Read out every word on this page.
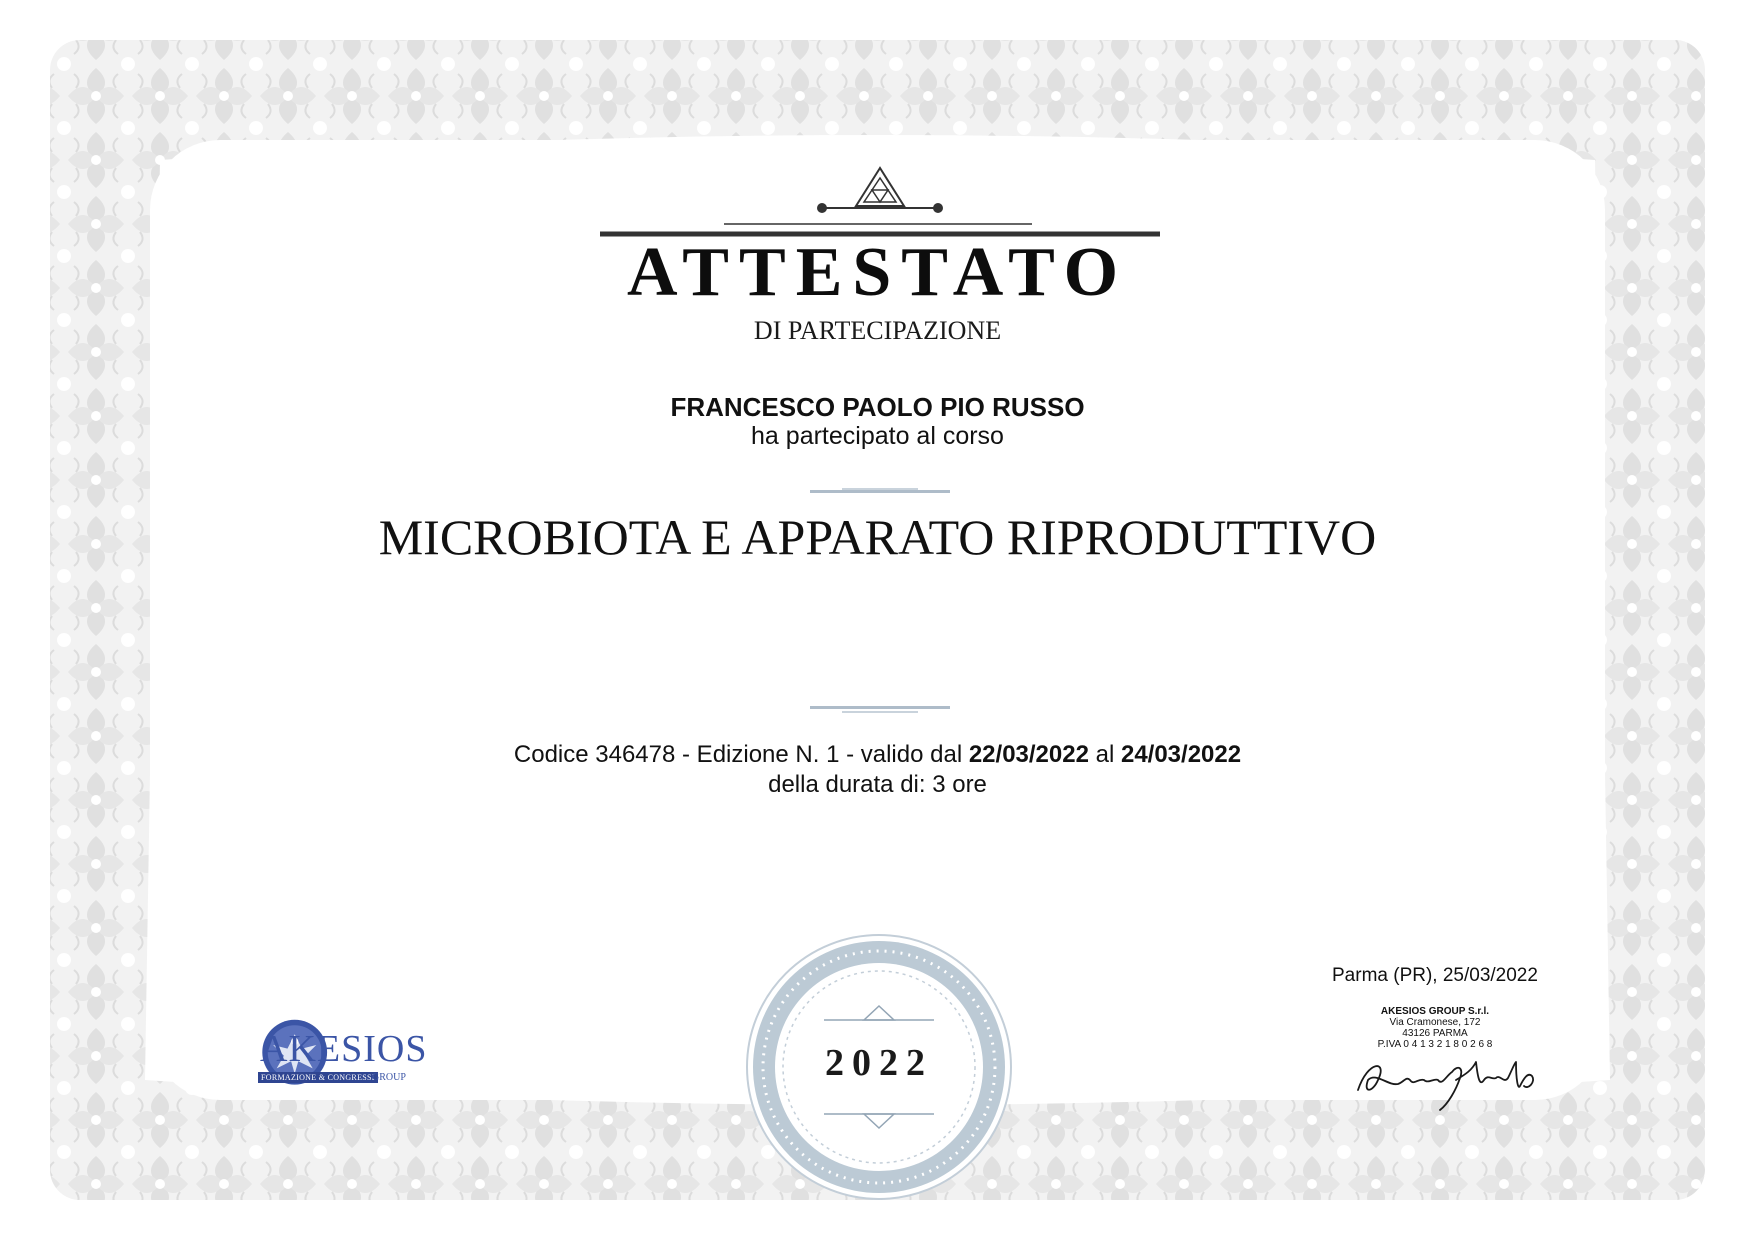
ATTESTATO
DI PARTECIPAZIONE
FRANCESCO PAOLO PIO RUSSO
ha partecipato al corso
MICROBIOTA E APPARATO RIPRODUTTIVO
Codice 346478 - Edizione N. 1 - valido dal 22/03/2022 al 24/03/2022
della durata di: 3 ore
2022
AKESIOS
FORMAZIONE & CONGRESSI
GROUP
Parma (PR), 25/03/2022
AKESIOS GROUP S.r.l.
Via Cramonese, 172
43126 PARMA
P.IVA 0 4 1 3 2 1 8 0 2 6 8
